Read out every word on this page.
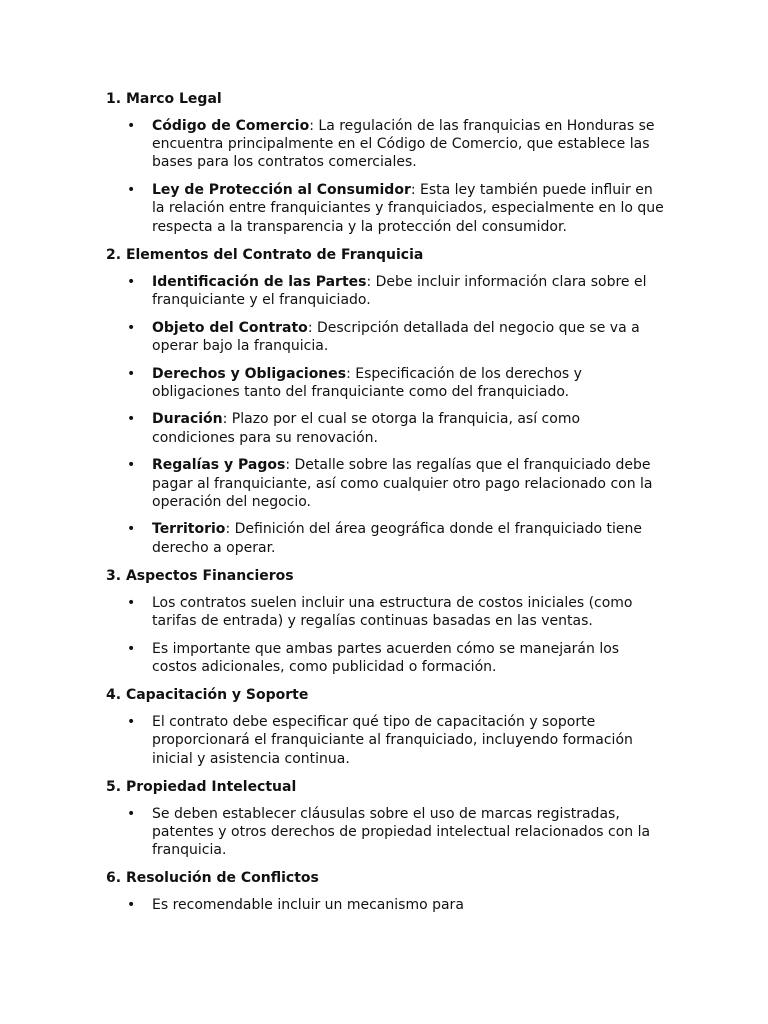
1. Marco Legal
• Código de Comercio: La regulación de las franquicias en Honduras se encuentra principalmente en el Código de Comercio, que establece las bases para los contratos comerciales.
• Ley de Protección al Consumidor: Esta ley también puede influir en la relación entre franquiciantes y franquiciados, especialmente en lo que respecta a la transparencia y la protección del consumidor.
2. Elementos del Contrato de Franquicia
• Identificación de las Partes: Debe incluir información clara sobre el franquiciante y el franquiciado.
• Objeto del Contrato: Descripción detallada del negocio que se va a operar bajo la franquicia.
• Derechos y Obligaciones: Especificación de los derechos y obligaciones tanto del franquiciante como del franquiciado.
• Duración: Plazo por el cual se otorga la franquicia, así como condiciones para su renovación.
• Regalías y Pagos: Detalle sobre las regalías que el franquiciado debe pagar al franquiciante, así como cualquier otro pago relacionado con la operación del negocio.
• Territorio: Definición del área geográfica donde el franquiciado tiene derecho a operar.
3. Aspectos Financieros
• Los contratos suelen incluir una estructura de costos iniciales (como tarifas de entrada) y regalías continuas basadas en las ventas.
• Es importante que ambas partes acuerden cómo se manejarán los costos adicionales, como publicidad o formación.
4. Capacitación y Soporte
• El contrato debe especificar qué tipo de capacitación y soporte proporcionará el franquiciante al franquiciado, incluyendo formación inicial y asistencia continua.
5. Propiedad Intelectual
• Se deben establecer cláusulas sobre el uso de marcas registradas, patentes y otros derechos de propiedad intelectual relacionados con la franquicia.
6. Resolución de Conflictos
• Es recomendable incluir un mecanismo para
